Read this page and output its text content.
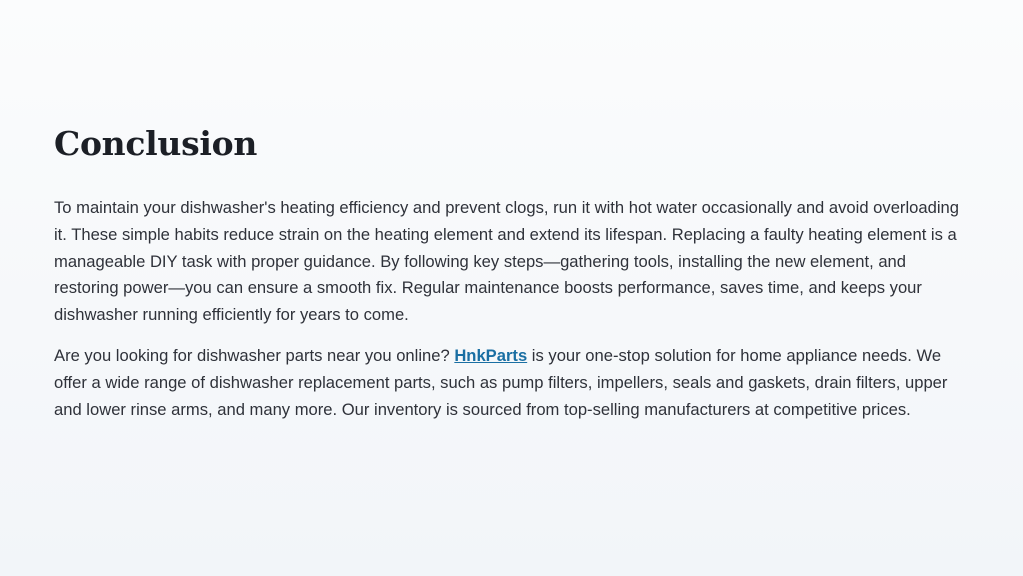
Conclusion

To maintain your dishwasher's heating efficiency and prevent clogs, run it with hot water occasionally and avoid overloading it. These simple habits reduce strain on the heating element and extend its lifespan. Replacing a faulty heating element is a manageable DIY task with proper guidance. By following key steps—gathering tools, installing the new element, and restoring power—you can ensure a smooth fix. Regular maintenance boosts performance, saves time, and keeps your dishwasher running efficiently for years to come.

Are you looking for dishwasher parts near you online? HnkParts is your one-stop solution for home appliance needs. We offer a wide range of dishwasher replacement parts, such as pump filters, impellers, seals and gaskets, drain filters, upper and lower rinse arms, and many more. Our inventory is sourced from top-selling manufacturers at competitive prices.
